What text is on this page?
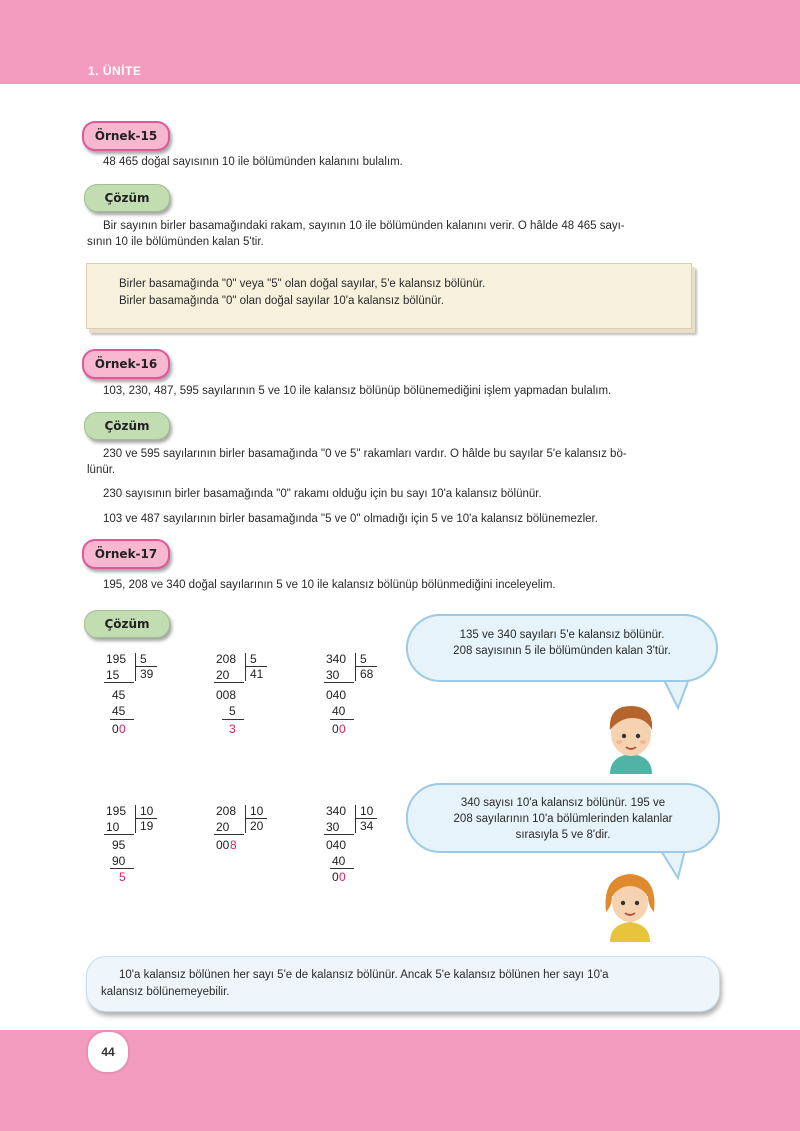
1. ÜNİTE
Örnek-15
48 465 doğal sayısının 10 ile bölümünden kalanını bulalım.
Çözüm
Bir sayının birler basamağındaki rakam, sayının 10 ile bölümünden kalanını verir. O hâlde 48 465 sayı-
sının 10 ile bölümünden kalan 5'tir.
Birler basamağında "0" veya "5" olan doğal sayılar, 5'e kalansız bölünür.
Birler basamağında "0" olan doğal sayılar 10'a kalansız bölünür.
Örnek-16
103, 230, 487, 595 sayılarının 5 ve 10 ile kalansız bölünüp bölünemediğini işlem yapmadan bulalım.
Çözüm
230 ve 595 sayılarının birler basamağında "0 ve 5" rakamları vardır. O hâlde bu sayılar 5'e kalansız bö-
lünür.
230 sayısının birler basamağında "0" rakamı olduğu için bu sayı 10'a kalansız bölünür.
103 ve 487 sayılarının birler basamağında "5 ve 0" olmadığı için 5 ve 10'a kalansız bölünemezler.
Örnek-17
195, 208 ve 340 doğal sayılarının 5 ve 10 ile kalansız bölünüp bölünmediğini inceleyelim.
Çözüm
195 5
39
15
45
45
0 0
208 5
41
20
008
5
3
340 5
68
30
040
40
0 0
195 10
19
10
95
90
5
208 10
20
20
00 8
340 10
34
30
040
40
0 0
135 ve 340 sayıları 5'e kalansız bölünür.
208 sayısının 5 ile bölümünden kalan 3'tür.
340 sayısı 10'a kalansız bölünür. 195 ve
208 sayılarının 10'a bölümlerinden kalanlar
sırasıyla 5 ve 8'dir.
10'a kalansız bölünen her sayı 5'e de kalansız bölünür. Ancak 5'e kalansız bölünen her sayı 10'a
kalansız bölünemeyebilir.
44
